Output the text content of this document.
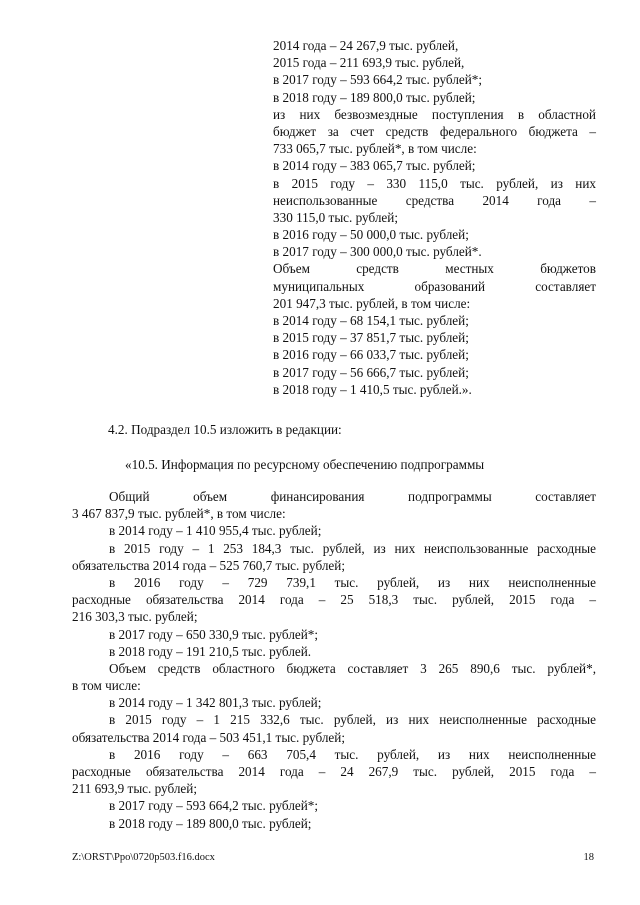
2014 года – 24 267,9 тыс. рублей,
2015 года – 211 693,9 тыс. рублей,
в 2017 году – 593 664,2 тыс. рублей*;
в 2018 году – 189 800,0 тыс. рублей;
из них безвозмездные поступления в областной
бюджет за счет средств федерального бюджета –
733 065,7 тыс. рублей*, в том числе:
в 2014 году – 383 065,7 тыс. рублей;
в 2015 году – 330 115,0 тыс. рублей, из них
неиспользованные средства 2014 года –
330 115,0 тыс. рублей;
в 2016 году – 50 000,0 тыс. рублей;
в 2017 году – 300 000,0 тыс. рублей*.
Объем средств местных бюджетов
муниципальных образований составляет
201 947,3 тыс. рублей, в том числе:
в 2014 году – 68 154,1 тыс. рублей;
в 2015 году – 37 851,7 тыс. рублей;
в 2016 году – 66 033,7 тыс. рублей;
в 2017 году – 56 666,7 тыс. рублей;
в 2018 году – 1 410,5 тыс. рублей.».
4.2. Подраздел 10.5 изложить в редакции:
«10.5. Информация по ресурсному обеспечению подпрограммы
Общий объем финансирования подпрограммы составляет
3 467 837,9 тыс. рублей*, в том числе:
в 2014 году – 1 410 955,4 тыс. рублей;
в 2015 году – 1 253 184,3 тыс. рублей, из них неиспользованные расходные
обязательства 2014 года – 525 760,7 тыс. рублей;
в 2016 году – 729 739,1 тыс. рублей, из них неисполненные
расходные обязательства 2014 года – 25 518,3 тыс. рублей, 2015 года –
216 303,3 тыс. рублей;
в 2017 году – 650 330,9 тыс. рублей*;
в 2018 году – 191 210,5 тыс. рублей.
Объем средств областного бюджета составляет 3 265 890,6 тыс. рублей*,
в том числе:
в 2014 году – 1 342 801,3 тыс. рублей;
в 2015 году – 1 215 332,6 тыс. рублей, из них неисполненные расходные
обязательства 2014 года – 503 451,1 тыс. рублей;
в 2016 году – 663 705,4 тыс. рублей, из них неисполненные
расходные обязательства 2014 года – 24 267,9 тыс. рублей, 2015 года –
211 693,9 тыс. рублей;
в 2017 году – 593 664,2 тыс. рублей*;
в 2018 году – 189 800,0 тыс. рублей;
Z:\ORST\Ppo\0720p503.f16.docx	18
